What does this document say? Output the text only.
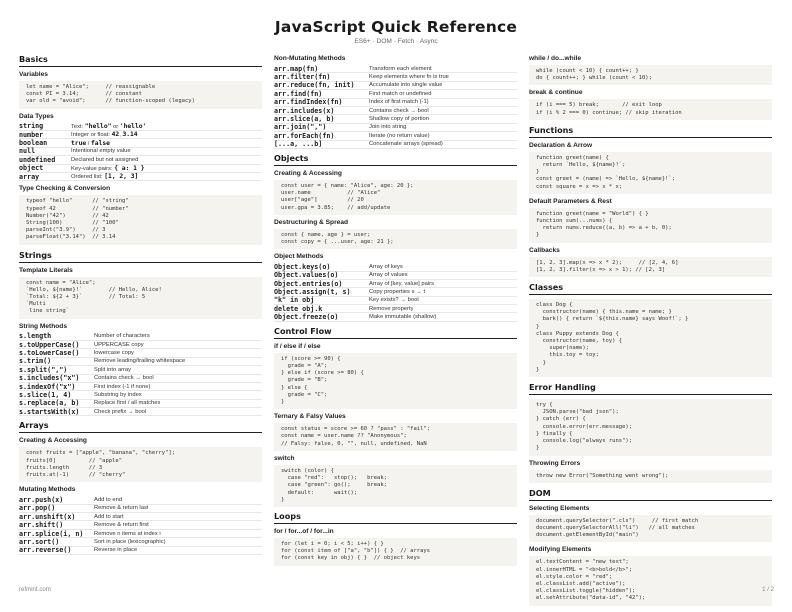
JavaScript Quick Reference
ES6+ · DOM · Fetch · Async
Basics
Variables
let name = "Alice";     // reassignable
const PI = 3.14;        // constant
var old = "avoid";      // function-scoped (legacy)
Data Types
string	Text: "hello" or 'hello'
number	Integer or float: 42, 3.14
boolean	true / false
null	Intentional empty value
undefined	Declared but not assigned
object	Key-value pairs: { a: 1 }
array	Ordered list: [1, 2, 3]
Type Checking & Conversion
typeof "hello"      // "string"
typeof 42           // "number"
Number("42")        // 42
String(100)         // "100"
parseInt("3.9")     // 3
parseFloat("3.14")  // 3.14
Strings
Template Literals
const name = "Alice";
`Hello, ${name}!`        // Hello, Alice!
`Total: ${2 + 3}`        // Total: 5
`Multi
line string`
String Methods
s.length	Number of characters
s.toUpperCase()	UPPERCASE copy
s.toLowerCase()	lowercase copy
s.trim()	Remove leading/trailing whitespace
s.split(",")	Split into array
s.includes("x")	Contains check → bool
s.indexOf("x")	First index (-1 if none)
s.slice(1, 4)	Substring by index
s.replace(a, b)	Replace first / all matches
s.startsWith(x)	Check prefix → bool
Arrays
Creating & Accessing
const fruits = ["apple", "banana", "cherry"];
fruits[0]          // "apple"
fruits.length      // 3
fruits.at(-1)      // "cherry"
Mutating Methods
arr.push(x)	Add to end
arr.pop()	Remove & return last
arr.unshift(x)	Add to start
arr.shift()	Remove & return first
arr.splice(i, n)	Remove n items at index i
arr.sort()	Sort in place (lexicographic)
arr.reverse()	Reverse in place
Non-Mutating Methods
arr.map(fn)	Transform each element
arr.filter(fn)	Keep elements where fn is true
arr.reduce(fn, init)	Accumulate into single value
arr.find(fn)	First match or undefined
arr.findIndex(fn)	Index of first match (-1)
arr.includes(x)	Contains check → bool
arr.slice(a, b)	Shallow copy of portion
arr.join(",")	Join into string
arr.forEach(fn)	Iterate (no return value)
[...a, ...b]	Concatenate arrays (spread)
Objects
Creating & Accessing
const user = { name: "Alice", age: 20 };
user.name           // "Alice"
user["age"]         // 20
user.gpa = 3.85;    // add/update
Destructuring & Spread
const { name, age } = user;
const copy = { ...user, age: 21 };
Object Methods
Object.keys(o)	Array of keys
Object.values(o)	Array of values
Object.entries(o)	Array of [key, value] pairs
Object.assign(t, s)	Copy properties s → t
"k" in obj	Key exists? → bool
delete obj.k	Remove property
Object.freeze(o)	Make immutable (shallow)
Control Flow
if / else if / else
if (score >= 90) {
grade = "A";
} else if (score >= 80) {
grade = "B";
} else {
grade = "C";
}
Ternary & Falsy Values
const status = score >= 60 ? "pass" : "fail";
const name = user.name ?? "Anonymous";
// Falsy: false, 0, "", null, undefined, NaN
switch
switch (color) {
case "red":   stop();   break;
case "green": go();     break;
default:      wait();
}
Loops
for / for...of / for...in
for (let i = 0; i < 5; i++) { }
for (const item of ["a", "b"]) { }  // arrays
for (const key in obj) { }  // object keys
while / do...while
while (count < 10) { count++; }
do { count++; } while (count < 10);
break & continue
if (i === 5) break;       // exit loop
if (i % 2 === 0) continue; // skip iteration
Functions
Declaration & Arrow
function greet(name) {
return `Hello, ${name}!`;
}
const greet = (name) => `Hello, ${name}!`;
const square = x => x * x;
Default Parameters & Rest
function greet(name = "World") { }
function sum(...nums) {
return nums.reduce((a, b) => a + b, 0);
}
Callbacks
[1, 2, 3].map(x => x * 2);     // [2, 4, 6]
[1, 2, 3].filter(x => x > 1); // [2, 3]
Classes
class Dog {
constructor(name) { this.name = name; }
bark() { return `${this.name} says Woof!`; }
}
class Puppy extends Dog {
constructor(name, toy) {
super(name);
this.toy = toy;
}
}
Error Handling
try {
JSON.parse("bad json");
} catch (err) {
console.error(err.message);
} finally {
console.log("always runs");
}
Throwing Errors
throw new Error("Something went wrong");
DOM
Selecting Elements
document.querySelector(".cls")     // first match
document.querySelectorAll("li")   // all matches
document.getElementById("main")
Modifying Elements
el.textContent = "new text";
el.innerHTML = "<b>bold</b>";
el.style.color = "red";
el.classList.add("active");
el.classList.toggle("hidden");
el.setAttribute("data-id", "42");
refmint.com	1 / 2
